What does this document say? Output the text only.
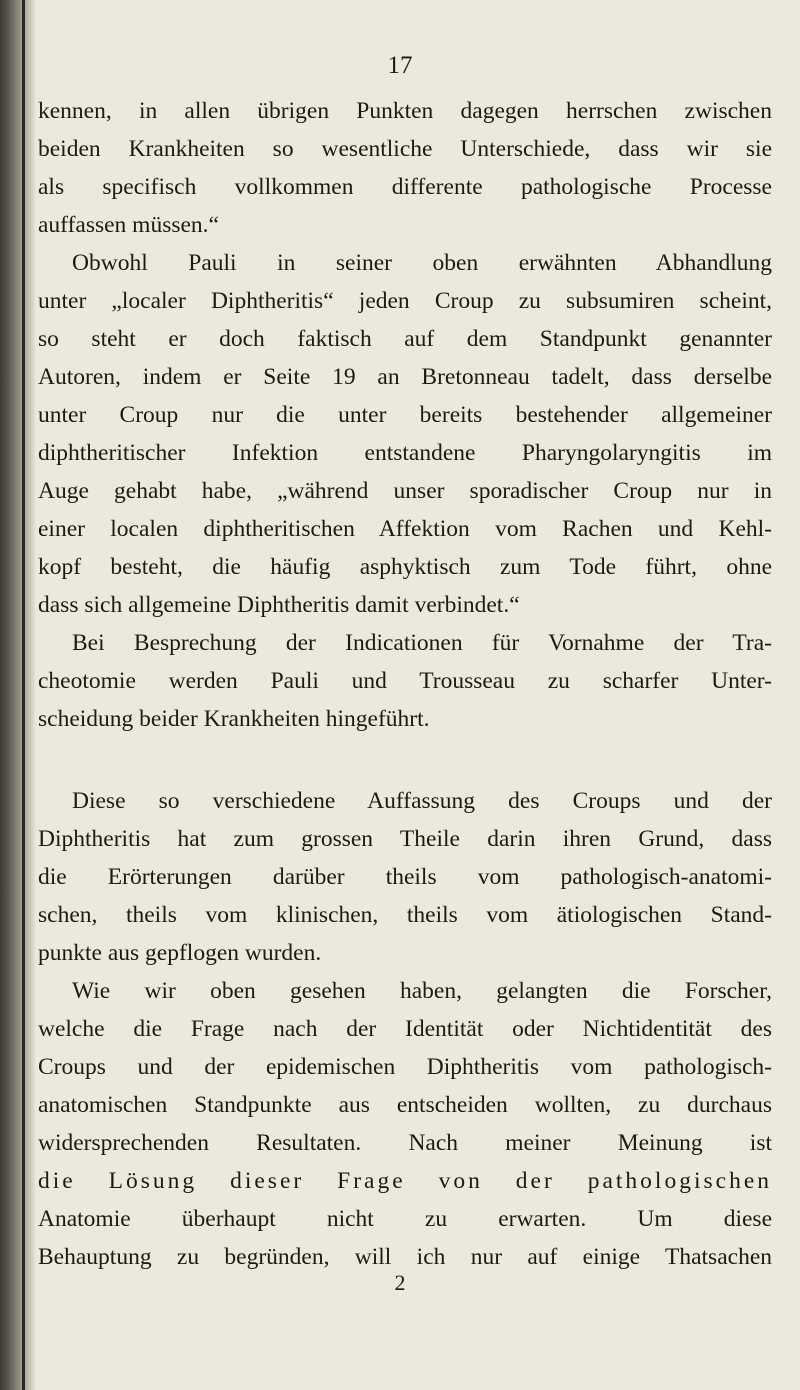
17
kennen, in allen übrigen Punkten dagegen herrschen zwischen
beiden Krankheiten so wesentliche Unterschiede, dass wir sie
als specifisch vollkommen differente pathologische Processe
auffassen müssen.“
Obwohl Pauli in seiner oben erwähnten Abhandlung
unter „localer Diphtheritis“ jeden Croup zu subsumiren scheint,
so steht er doch faktisch auf dem Standpunkt genannter
Autoren, indem er Seite 19 an Bretonneau tadelt, dass derselbe
unter Croup nur die unter bereits bestehender allgemeiner
diphtheritischer Infektion entstandene Pharyngolaryngitis im
Auge gehabt habe, „während unser sporadischer Croup nur in
einer localen diphtheritischen Affektion vom Rachen und Kehl-
kopf besteht, die häufig asphyktisch zum Tode führt, ohne
dass sich allgemeine Diphtheritis damit verbindet.“
Bei Besprechung der Indicationen für Vornahme der Tra-
cheotomie werden Pauli und Trousseau zu scharfer Unter-
scheidung beider Krankheiten hingeführt.
Diese so verschiedene Auffassung des Croups und der
Diphtheritis hat zum grossen Theile darin ihren Grund, dass
die Erörterungen darüber theils vom pathologisch-anatomi-
schen, theils vom klinischen, theils vom ätiologischen Stand-
punkte aus gepflogen wurden.
Wie wir oben gesehen haben, gelangten die Forscher,
welche die Frage nach der Identität oder Nichtidentität des
Croups und der epidemischen Diphtheritis vom pathologisch-
anatomischen Standpunkte aus entscheiden wollten, zu durchaus
widersprechenden Resultaten. Nach meiner Meinung ist
die Lösung dieser Frage von der pathologischen
Anatomie überhaupt nicht zu erwarten. Um diese
Behauptung zu begründen, will ich nur auf einige Thatsachen
2
